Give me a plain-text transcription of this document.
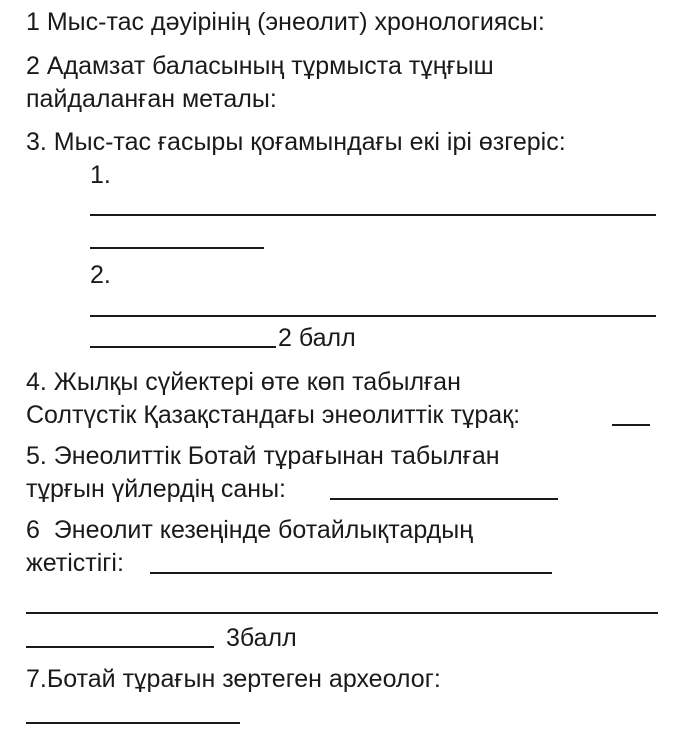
1 Мыс-тас дәуірінің (энеолит) хронологиясы:
2 Адамзат баласының тұрмыста тұңғыш
пайдаланған металы:
3. Мыс-тас ғасыры қоғамындағы екі ірі өзгеріс:
1.
2.
2 балл
4. Жылқы сүйектері өте көп табылған
Солтүстік Қазақстандағы энеолиттік тұрақ:
5. Энеолиттік Ботай тұрағынан табылған
тұрғын үйлердің саны:
6  Энеолит кезеңінде ботайлықтардың
жетістігі:
3балл
7.Ботай тұрағын зертеген археолог:
